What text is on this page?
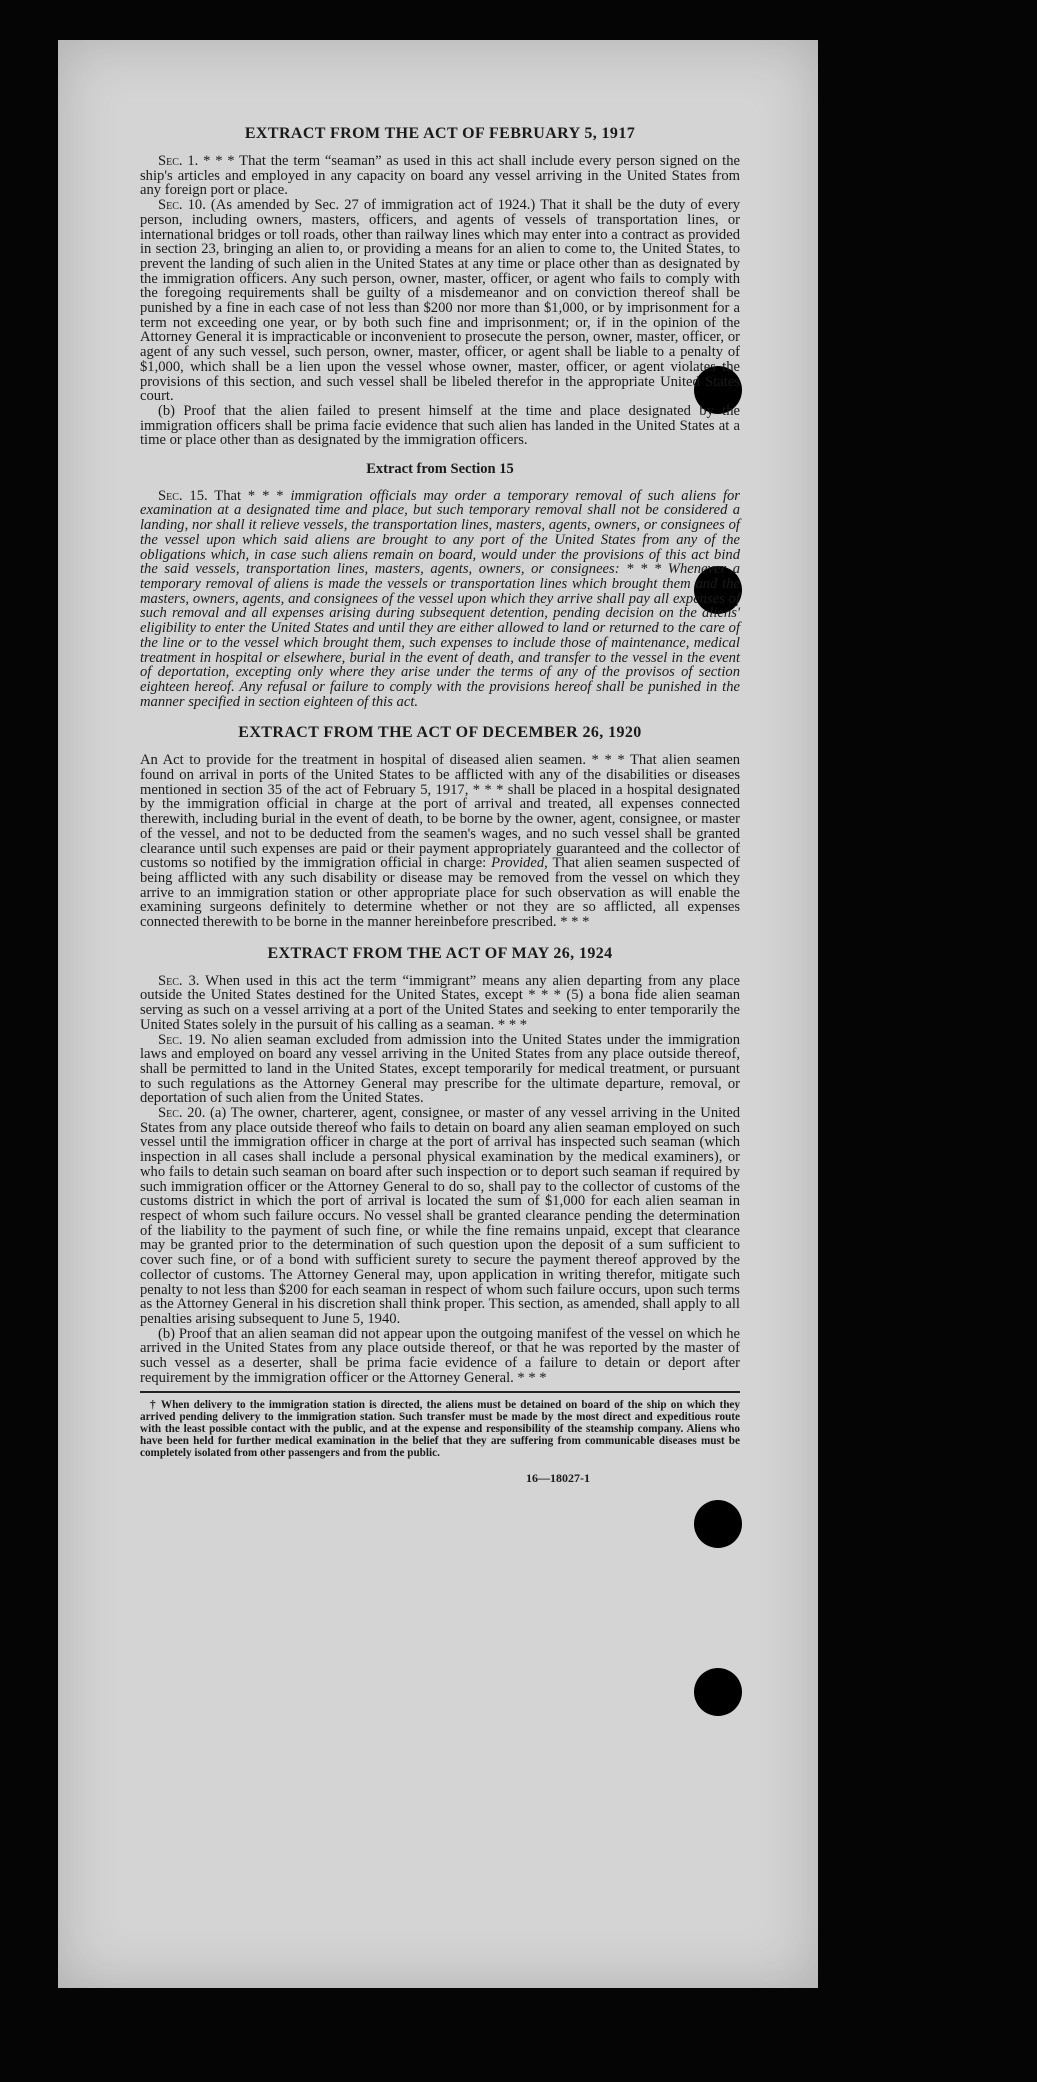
EXTRACT FROM THE ACT OF FEBRUARY 5, 1917

Sec. 1. * * * That the term “seaman” as used in this act shall include every person signed on the ship's articles and employed in any capacity on board any vessel arriving in the United States from any foreign port or place.

Sec. 10. (As amended by Sec. 27 of immigration act of 1924.) That it shall be the duty of every person, including owners, masters, officers, and agents of vessels of transportation lines, or international bridges or toll roads, other than railway lines which may enter into a contract as provided in section 23, bringing an alien to, or providing a means for an alien to come to, the United States, to prevent the landing of such alien in the United States at any time or place other than as designated by the immigration officers. Any such person, owner, master, officer, or agent who fails to comply with the foregoing requirements shall be guilty of a misdemeanor and on conviction thereof shall be punished by a fine in each case of not less than $200 nor more than $1,000, or by imprisonment for a term not exceeding one year, or by both such fine and imprisonment; or, if in the opinion of the Attorney General it is impracticable or inconvenient to prosecute the person, owner, master, officer, or agent of any such vessel, such person, owner, master, officer, or agent shall be liable to a penalty of $1,000, which shall be a lien upon the vessel whose owner, master, officer, or agent violates the provisions of this section, and such vessel shall be libeled therefor in the appropriate United States court.

(b) Proof that the alien failed to present himself at the time and place designated by the immigration officers shall be prima facie evidence that such alien has landed in the United States at a time or place other than as designated by the immigration officers.

Extract from Section 15

Sec. 15. That * * * immigration officials may order a temporary removal of such aliens for examination at a designated time and place, but such temporary removal shall not be considered a landing, nor shall it relieve vessels, the transportation lines, masters, agents, owners, or consignees of the vessel upon which said aliens are brought to any port of the United States from any of the obligations which, in case such aliens remain on board, would under the provisions of this act bind the said vessels, transportation lines, masters, agents, owners, or consignees: * * * Whenever a temporary removal of aliens is made the vessels or transportation lines which brought them and the masters, owners, agents, and consignees of the vessel upon which they arrive shall pay all expenses of such removal and all expenses arising during subsequent detention, pending decision on the aliens' eligibility to enter the United States and until they are either allowed to land or returned to the care of the line or to the vessel which brought them, such expenses to include those of maintenance, medical treatment in hospital or elsewhere, burial in the event of death, and transfer to the vessel in the event of deportation, excepting only where they arise under the terms of any of the provisos of section eighteen hereof. Any refusal or failure to comply with the provisions hereof shall be punished in the manner specified in section eighteen of this act.

EXTRACT FROM THE ACT OF DECEMBER 26, 1920

An Act to provide for the treatment in hospital of diseased alien seamen. * * * That alien seamen found on arrival in ports of the United States to be afflicted with any of the disabilities or diseases mentioned in section 35 of the act of February 5, 1917, * * * shall be placed in a hospital designated by the immigration official in charge at the port of arrival and treated, all expenses connected therewith, including burial in the event of death, to be borne by the owner, agent, consignee, or master of the vessel, and not to be deducted from the seamen's wages, and no such vessel shall be granted clearance until such expenses are paid or their payment appropriately guaranteed and the collector of customs so notified by the immigration official in charge: Provided, That alien seamen suspected of being afflicted with any such disability or disease may be removed from the vessel on which they arrive to an immigration station or other appropriate place for such observation as will enable the examining surgeons definitely to determine whether or not they are so afflicted, all expenses connected therewith to be borne in the manner hereinbefore prescribed. * * *

EXTRACT FROM THE ACT OF MAY 26, 1924

Sec. 3. When used in this act the term “immigrant” means any alien departing from any place outside the United States destined for the United States, except * * * (5) a bona fide alien seaman serving as such on a vessel arriving at a port of the United States and seeking to enter temporarily the United States solely in the pursuit of his calling as a seaman. * * *

Sec. 19. No alien seaman excluded from admission into the United States under the immigration laws and employed on board any vessel arriving in the United States from any place outside thereof, shall be permitted to land in the United States, except temporarily for medical treatment, or pursuant to such regulations as the Attorney General may prescribe for the ultimate departure, removal, or deportation of such alien from the United States.

Sec. 20. (a) The owner, charterer, agent, consignee, or master of any vessel arriving in the United States from any place outside thereof who fails to detain on board any alien seaman employed on such vessel until the immigration officer in charge at the port of arrival has inspected such seaman (which inspection in all cases shall include a personal physical examination by the medical examiners), or who fails to detain such seaman on board after such inspection or to deport such seaman if required by such immigration officer or the Attorney General to do so, shall pay to the collector of customs of the customs district in which the port of arrival is located the sum of $1,000 for each alien seaman in respect of whom such failure occurs. No vessel shall be granted clearance pending the determination of the liability to the payment of such fine, or while the fine remains unpaid, except that clearance may be granted prior to the determination of such question upon the deposit of a sum sufficient to cover such fine, or of a bond with sufficient surety to secure the payment thereof approved by the collector of customs. The Attorney General may, upon application in writing therefor, mitigate such penalty to not less than $200 for each seaman in respect of whom such failure occurs, upon such terms as the Attorney General in his discretion shall think proper. This section, as amended, shall apply to all penalties arising subsequent to June 5, 1940.

(b) Proof that an alien seaman did not appear upon the outgoing manifest of the vessel on which he arrived in the United States from any place outside thereof, or that he was reported by the master of such vessel as a deserter, shall be prima facie evidence of a failure to detain or deport after requirement by the immigration officer or the Attorney General. * * *

† When delivery to the immigration station is directed, the aliens must be detained on board of the ship on which they arrived pending delivery to the immigration station. Such transfer must be made by the most direct and expeditious route with the least possible contact with the public, and at the expense and responsibility of the steamship company. Aliens who have been held for further medical examination in the belief that they are suffering from communicable diseases must be completely isolated from other passengers and from the public.

16—18027-1
